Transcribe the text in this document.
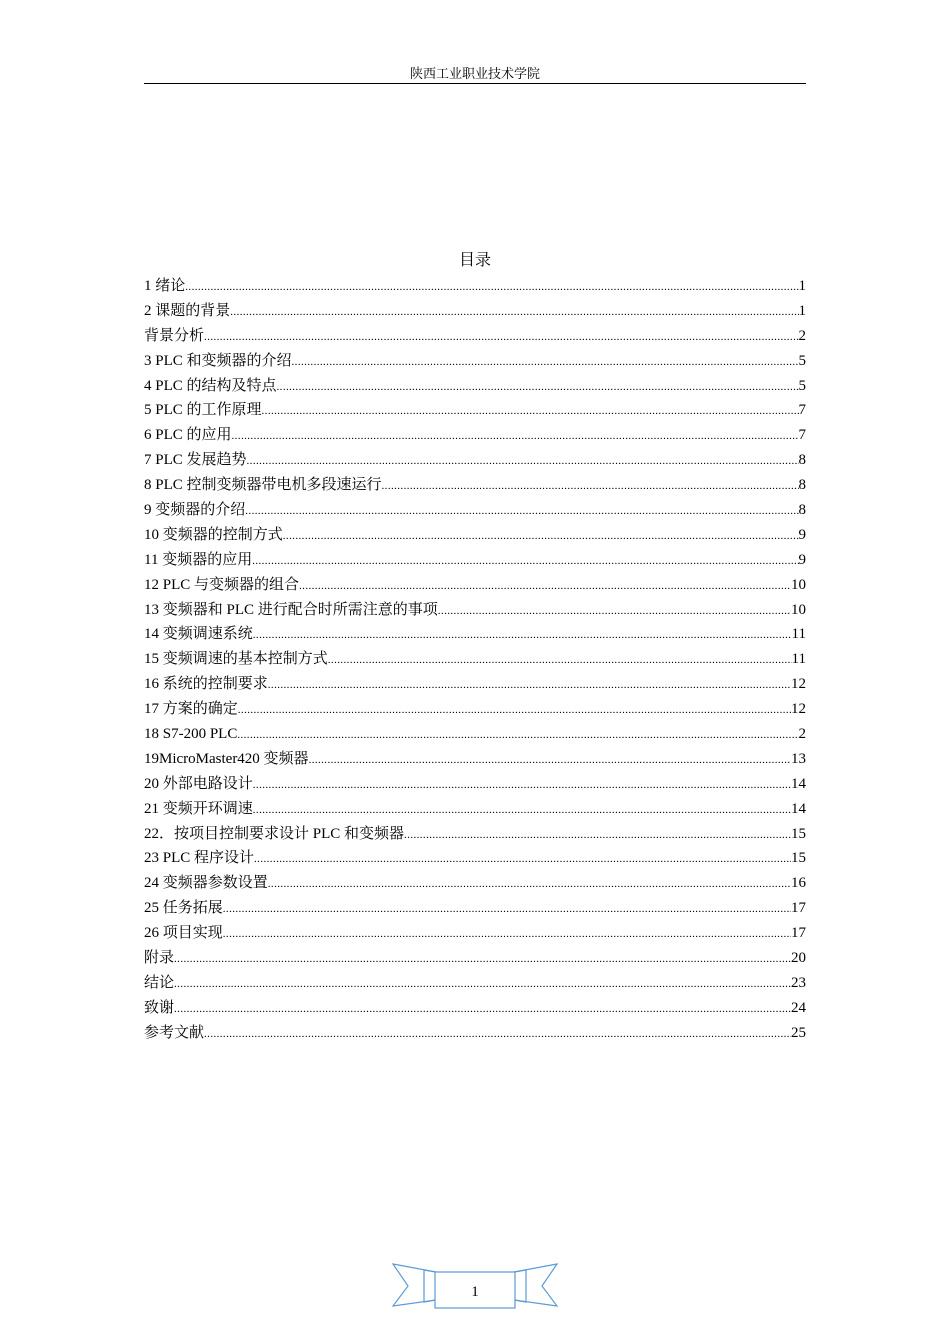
陕西工业职业技术学院
目录
1 绪论 .....	1
2 课题的背景 .....	1
背景分析 .....	2
3 PLC 和变频器的介绍 .....	5
4 PLC 的结构及特点 .....	5
5 PLC 的工作原理 .....	7
6 PLC 的应用 .....	7
7 PLC 发展趋势 .....	8
8 PLC 控制变频器带电机多段速运行 .....	8
9 变频器的介绍 .....	8
10 变频器的控制方式 .....	9
11 变频器的应用 .....	9
12 PLC 与变频器的组合 .....	10
13 变频器和 PLC 进行配合时所需注意的事项 .....	10
14 变频调速系统 .....	11
15 变频调速的基本控制方式 .....	11
16 系统的控制要求 .....	12
17 方案的确定 .....	12
18 S7-200 PLC .....	2
19MicroMaster420 变频器 .....	13
20 外部电路设计 .....	14
21 变频开环调速 .....	14
22．按项目控制要求设计 PLC 和变频器 .....	15
23 PLC 程序设计 .....	15
24 变频器参数设置 .....	16
25 任务拓展 .....	17
26 项目实现 .....	17
附录 .....	20
结论 .....	23
致谢 .....	24
参考文献 .....	25
1
